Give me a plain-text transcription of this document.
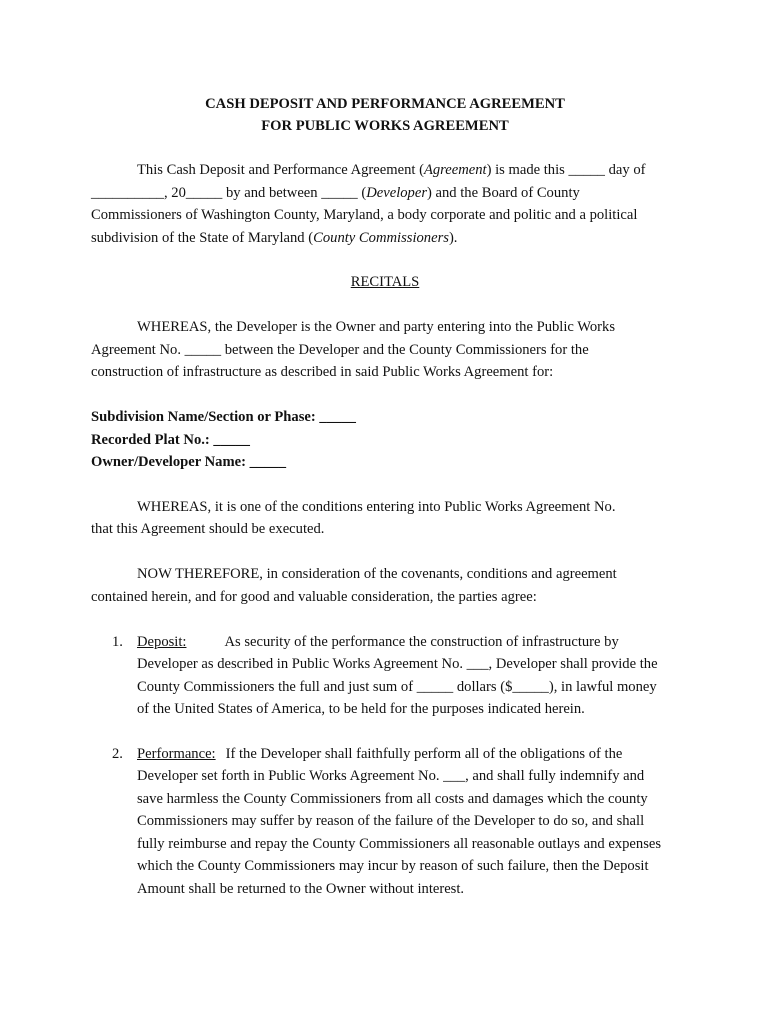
CASH DEPOSIT AND PERFORMANCE AGREEMENT
FOR PUBLIC WORKS AGREEMENT
This Cash Deposit and Performance Agreement (Agreement) is made this _____ day of
__________, 20_____ by and between _____ (Developer) and the Board of County
Commissioners of Washington County, Maryland, a body corporate and politic and a political
subdivision of the State of Maryland (County Commissioners).
RECITALS
WHEREAS, the Developer is the Owner and party entering into the Public Works
Agreement No. _____ between the Developer and the County Commissioners for the
construction of infrastructure as described in said Public Works Agreement for:
Subdivision Name/Section or Phase: _____
Recorded Plat No.: _____
Owner/Developer Name: _____
WHEREAS, it is one of the conditions entering into Public Works Agreement No.
that this Agreement should be executed.
NOW THEREFORE, in consideration of the covenants, conditions and agreement
contained herein, and for good and valuable consideration, the parties agree:
1. Deposit:	As security of the performance the construction of infrastructure by
Developer as described in Public Works Agreement No. ___, Developer shall provide the
County Commissioners the full and just sum of _____ dollars ($_____), in lawful money
of the United States of America, to be held for the purposes indicated herein.
2. Performance: If the Developer shall faithfully perform all of the obligations of the
Developer set forth in Public Works Agreement No. ___, and shall fully indemnify and
save harmless the County Commissioners from all costs and damages which the county
Commissioners may suffer by reason of the failure of the Developer to do so, and shall
fully reimburse and repay the County Commissioners all reasonable outlays and expenses
which the County Commissioners may incur by reason of such failure, then the Deposit
Amount shall be returned to the Owner without interest.
